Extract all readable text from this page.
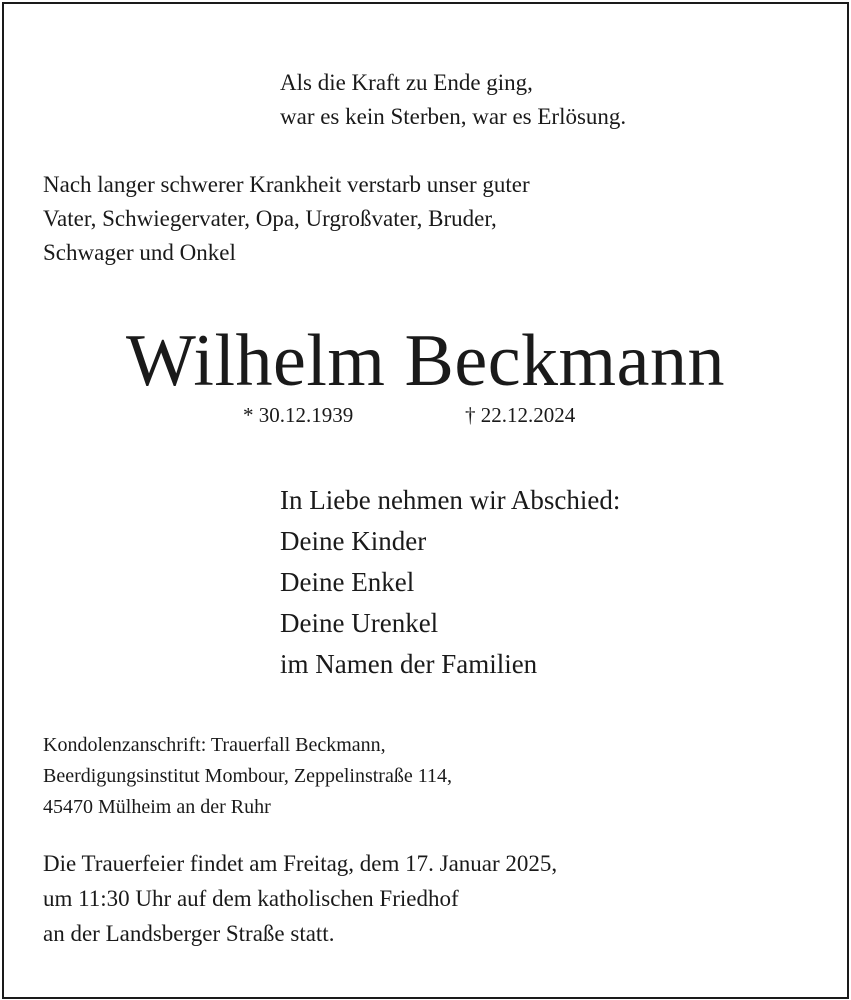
Als die Kraft zu Ende ging,
war es kein Sterben, war es Erlösung.
Nach langer schwerer Krankheit verstarb unser guter
Vater, Schwiegervater, Opa, Urgroßvater, Bruder,
Schwager und Onkel
Wilhelm Beckmann
* 30.12.1939	† 22.12.2024
In Liebe nehmen wir Abschied:
Deine Kinder
Deine Enkel
Deine Urenkel
im Namen der Familien
Kondolenzanschrift: Trauerfall Beckmann,
Beerdigungsinstitut Mombour, Zeppelinstraße 114,
45470 Mülheim an der Ruhr
Die Trauerfeier findet am Freitag, dem 17. Januar 2025,
um 11:30 Uhr auf dem katholischen Friedhof
an der Landsberger Straße statt.
